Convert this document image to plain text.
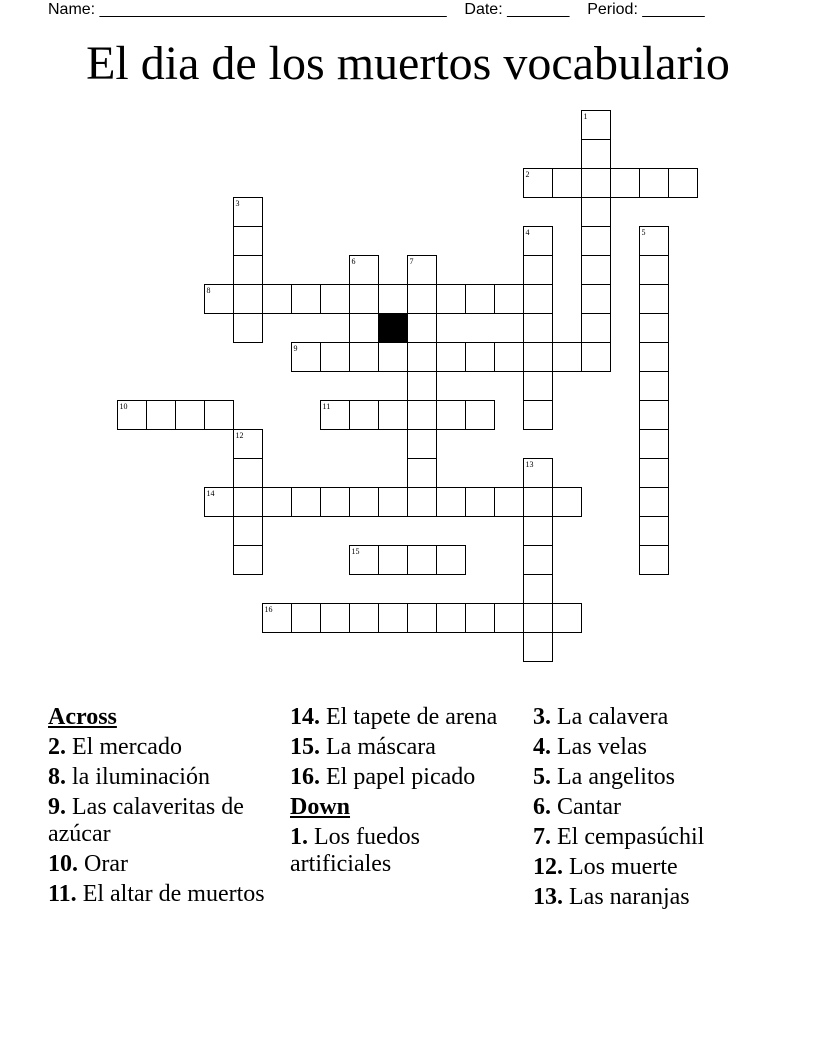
Name: _______________________________________ Date: _______ Period: _______
El dia de los muertos vocabulario
2
8
9
10	11
14
15
16
1
3
4	5
6	7
12
13
Across
2. El mercado
8. la iluminación
9. Las calaveritas de azúcar
10. Orar
11. El altar de muertos
14. El tapete de arena
15. La máscara
16. El papel picado
Down
1. Los fuedos artificiales
3. La calavera
4. Las velas
5. La angelitos
6. Cantar
7. El cempasúchil
12. Los muerte
13. Las naranjas
